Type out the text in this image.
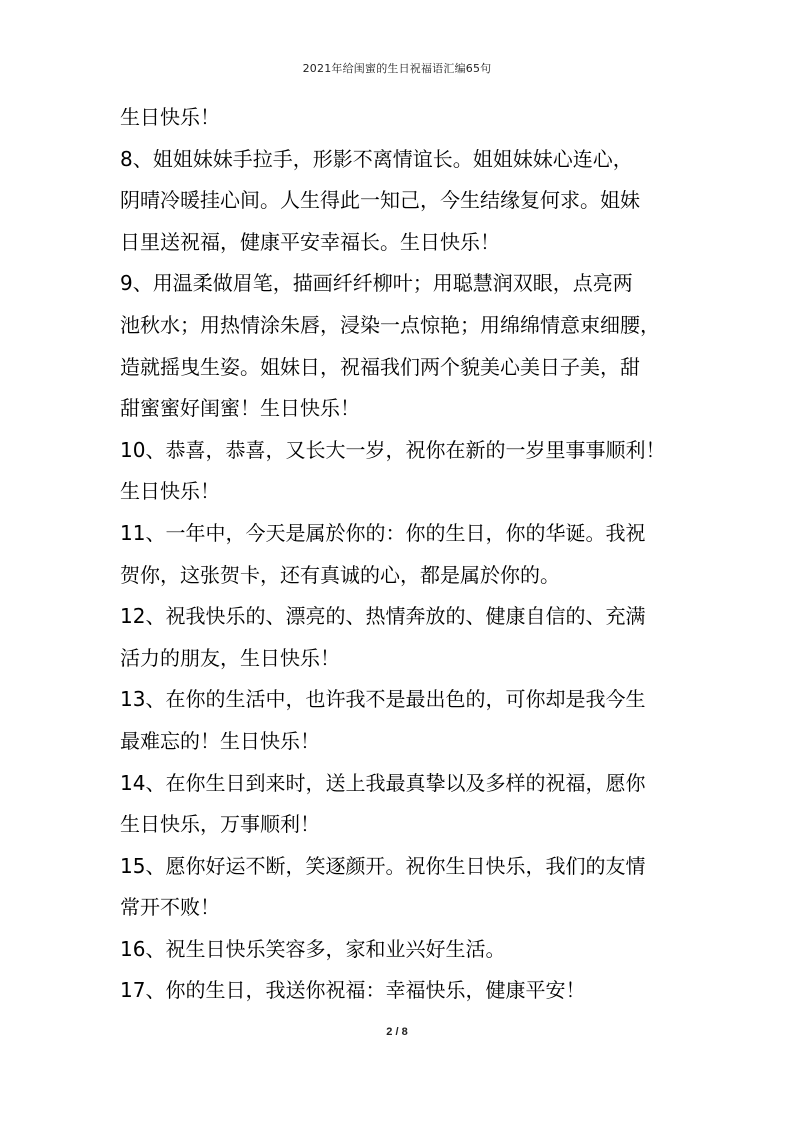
2021年给闺蜜的生日祝福语汇编65句
生日快乐！
8、姐姐妹妹手拉手，形影不离情谊长。姐姐妹妹心连心，
阴晴冷暖挂心间。人生得此一知己，今生结缘复何求。姐妹
日里送祝福，健康平安幸福长。生日快乐！
9、用温柔做眉笔，描画纤纤柳叶；用聪慧润双眼，点亮两
池秋水；用热情涂朱唇，浸染一点惊艳；用绵绵情意束细腰，
造就摇曳生姿。姐妹日，祝福我们两个貌美心美日子美，甜
甜蜜蜜好闺蜜！生日快乐！
10、恭喜，恭喜，又长大一岁，祝你在新的一岁里事事顺利！
生日快乐！
11、一年中，今天是属於你的：你的生日，你的华诞。我祝
贺你，这张贺卡，还有真诚的心，都是属於你的。
12、祝我快乐的、漂亮的、热情奔放的、健康自信的、充满
活力的朋友，生日快乐！
13、在你的生活中，也许我不是最出色的，可你却是我今生
最难忘的！生日快乐！
14、在你生日到来时，送上我最真挚以及多样的祝福，愿你
生日快乐，万事顺利！
15、愿你好运不断，笑逐颜开。祝你生日快乐，我们的友情
常开不败！
16、祝生日快乐笑容多，家和业兴好生活。
17、你的生日，我送你祝福：幸福快乐，健康平安！
2 / 8
